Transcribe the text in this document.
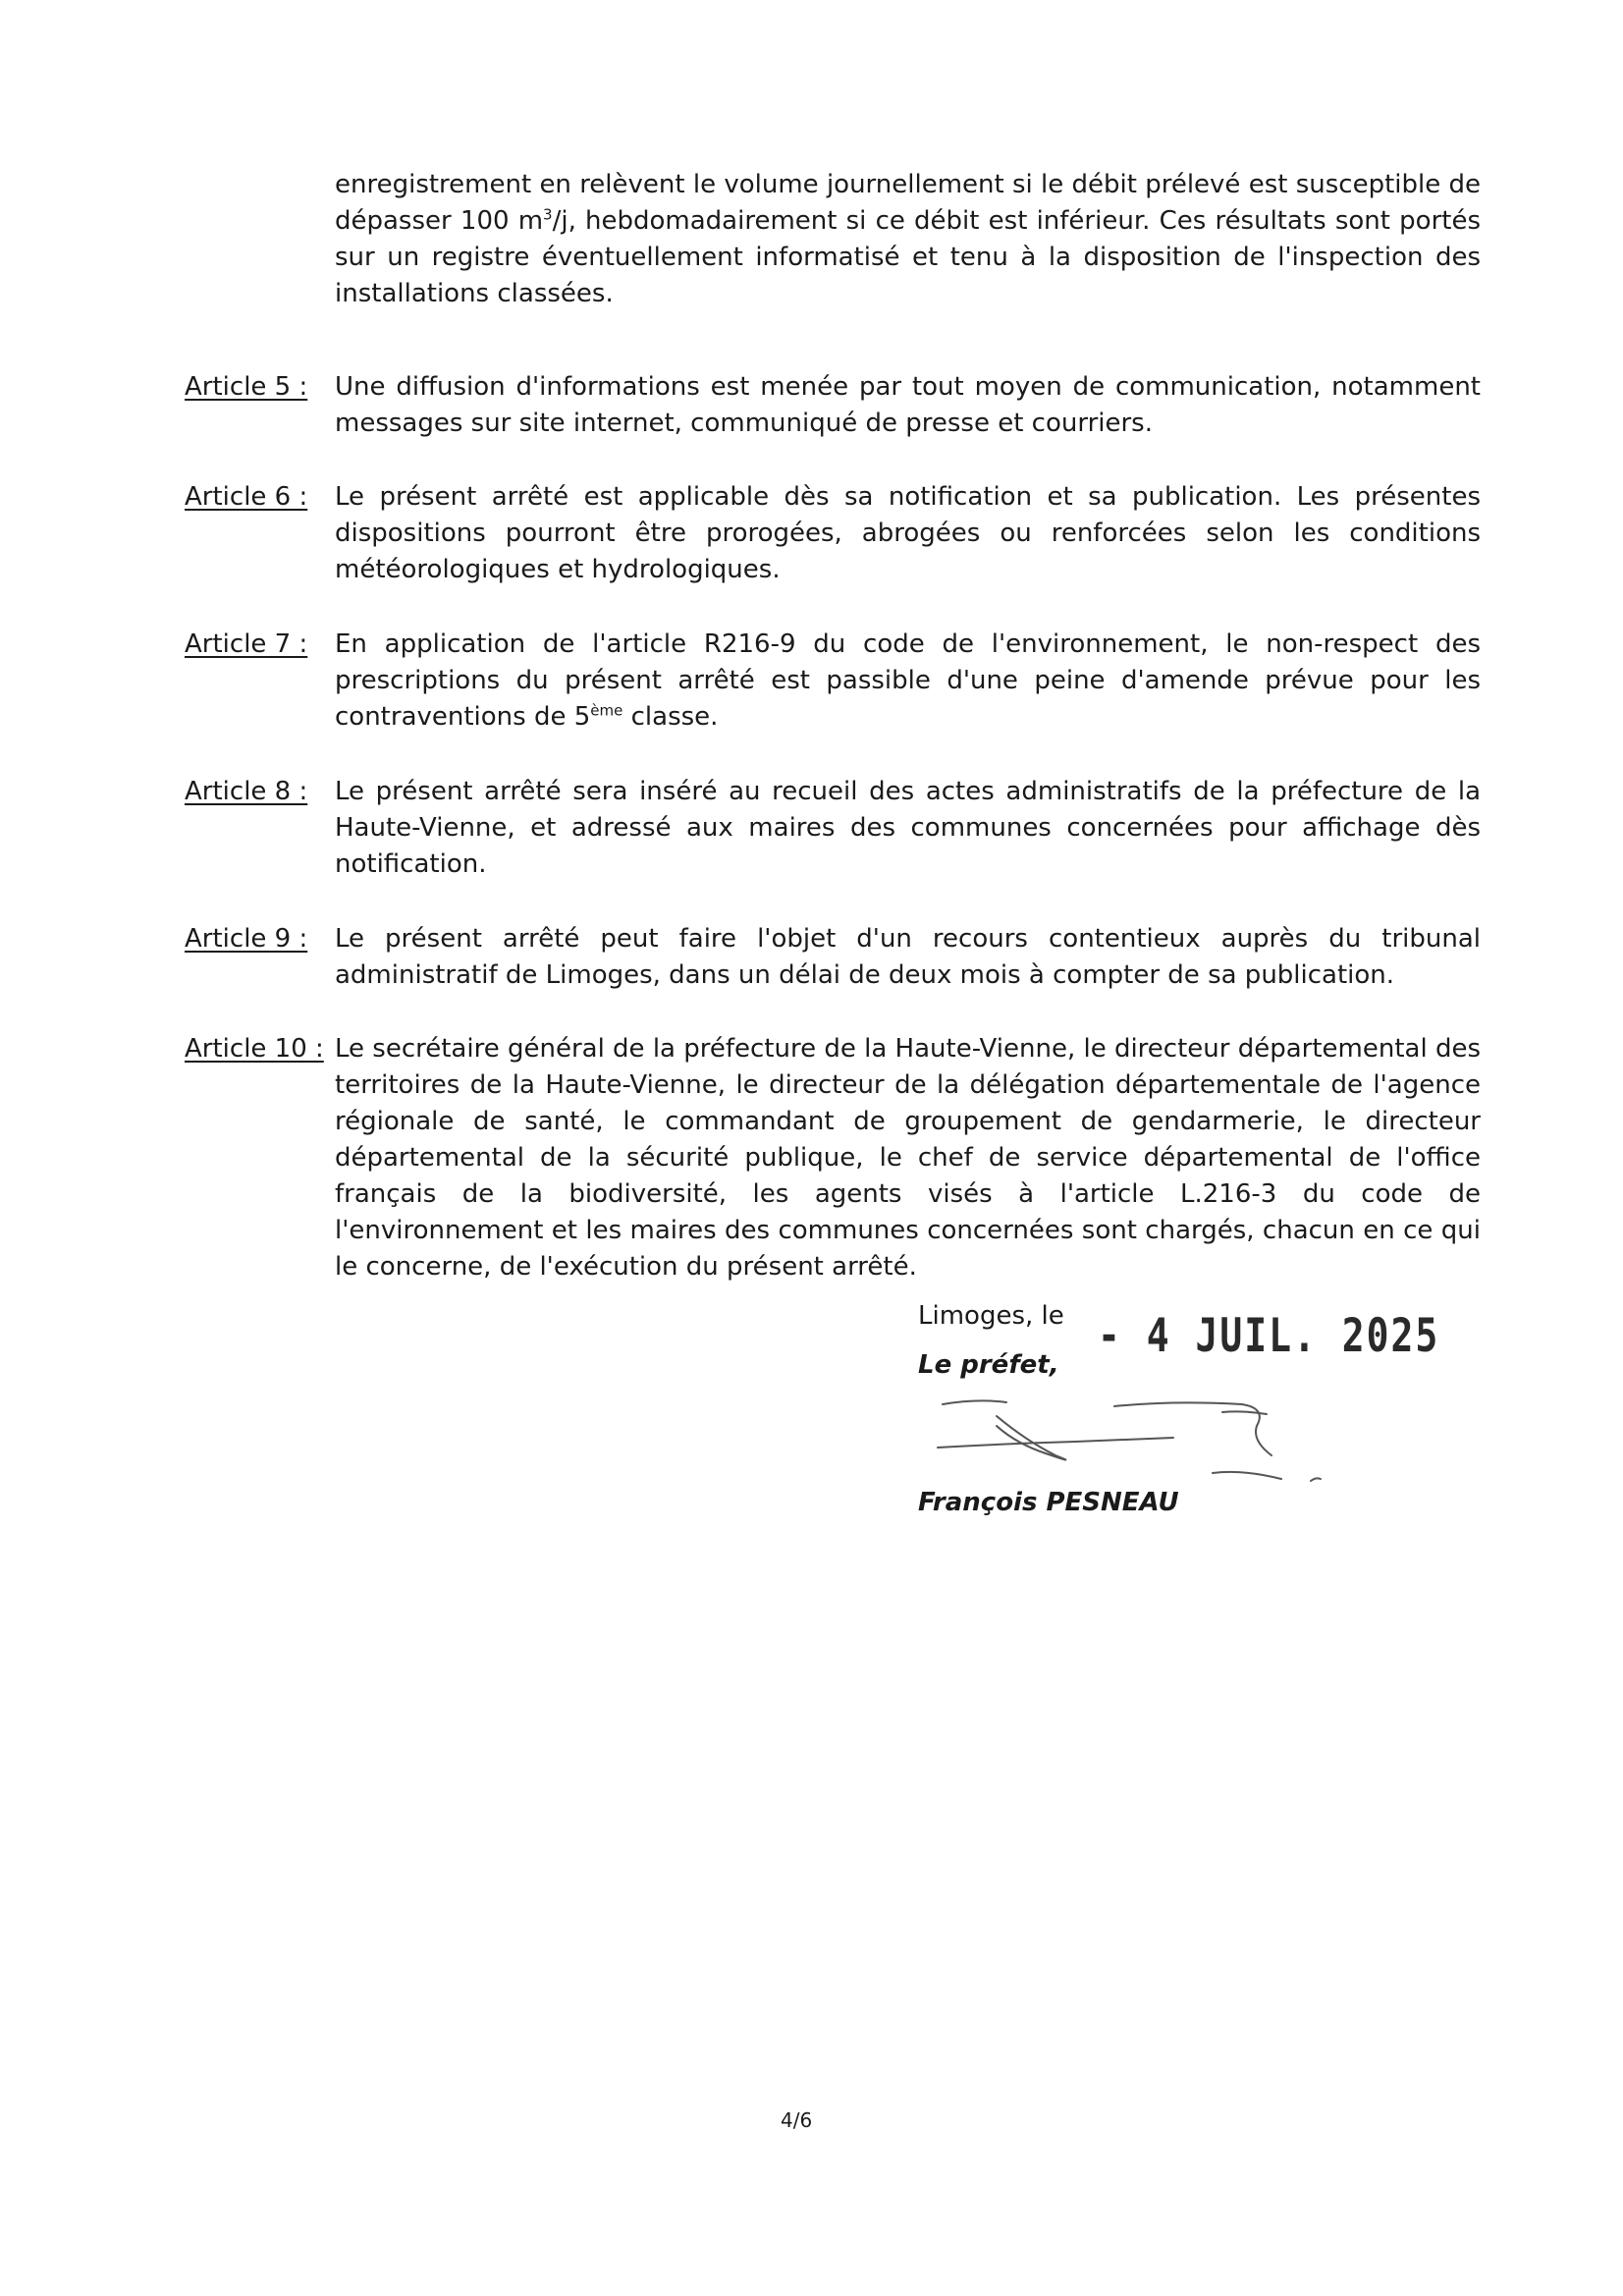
enregistrement en relèvent le volume journellement si le débit prélevé est susceptible de dépasser 100 $m^3/j$, hebdomadairement si ce débit est inférieur. Ces résultats sont portés sur un registre éventuellement informatisé et tenu à la disposition de l'inspection des installations classées.

Article 5 : Une diffusion d'informations est menée par tout moyen de communication, notamment messages sur site internet, communiqué de presse et courriers.

Article 6 : Le présent arrêté est applicable dès sa notification et sa publication. Les présentes dispositions pourront être prorogées, abrogées ou renforcées selon les conditions météorologiques et hydrologiques.

Article 7 : En application de l'article R216-9 du code de l'environnement, le non-respect des prescriptions du présent arrêté est passible d'une peine d'amende prévue pour les contraventions de 5ème classe.

Article 8 : Le présent arrêté sera inséré au recueil des actes administratifs de la préfecture de la Haute-Vienne, et adressé aux maires des communes concernées pour affichage dès notification.

Article 9 : Le présent arrêté peut faire l'objet d'un recours contentieux auprès du tribunal administratif de Limoges, dans un délai de deux mois à compter de sa publication.

Article 10 : Le secrétaire général de la préfecture de la Haute-Vienne, le directeur départemental des territoires de la Haute-Vienne, le directeur de la délégation départementale de l'agence régionale de santé, le commandant de groupement de gendarmerie, le directeur départemental de la sécurité publique, le chef de service départemental de l'office français de la biodiversité, les agents visés à l'article L.216-3 du code de l'environnement et les maires des communes concernées sont chargés, chacun en ce qui le concerne, de l'exécution du présent arrêté.

Limoges, le - 4 JUIL. 2025
Le préfet,
François PESNEAU
4/6
